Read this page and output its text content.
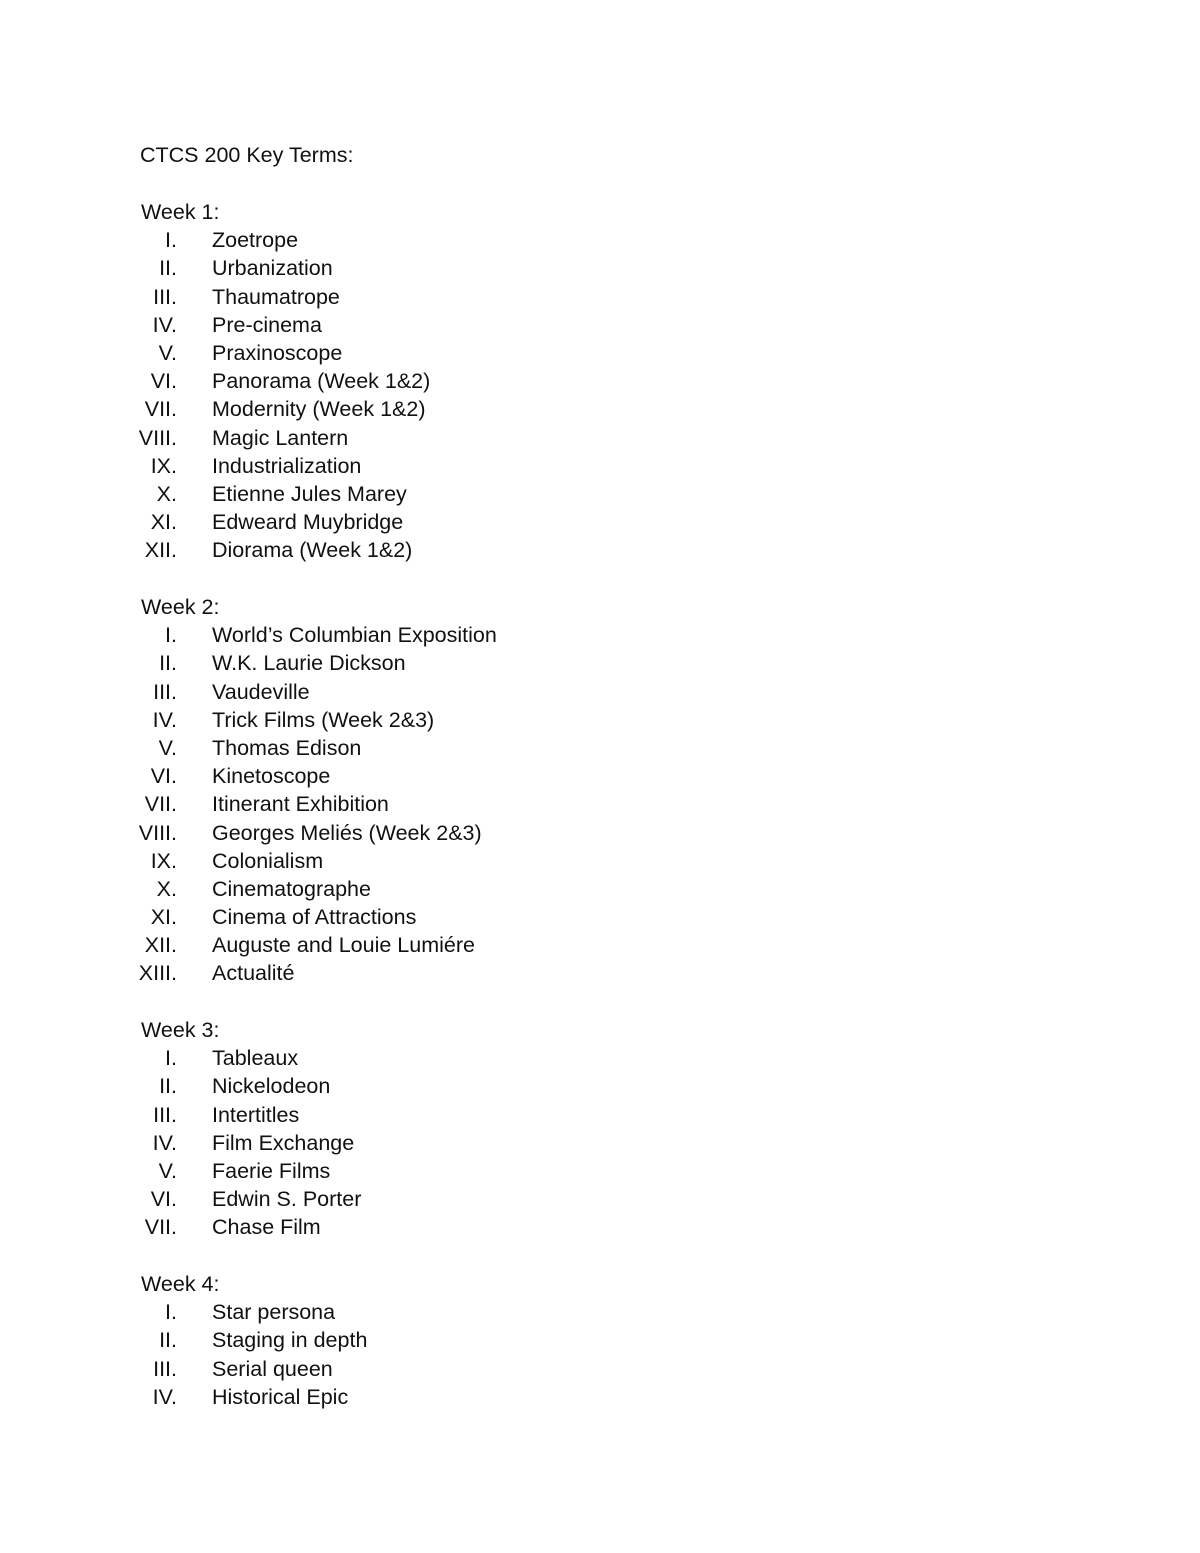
CTCS 200 Key Terms:
Week 1:
I. Zoetrope
II. Urbanization
III. Thaumatrope
IV. Pre-cinema
V. Praxinoscope
VI. Panorama (Week 1&2)
VII. Modernity (Week 1&2)
VIII. Magic Lantern
IX. Industrialization
X. Etienne Jules Marey
XI. Edweard Muybridge
XII. Diorama (Week 1&2)
Week 2:
I. World’s Columbian Exposition
II. W.K. Laurie Dickson
III. Vaudeville
IV. Trick Films (Week 2&3)
V. Thomas Edison
VI. Kinetoscope
VII. Itinerant Exhibition
VIII. Georges Meliés (Week 2&3)
IX. Colonialism
X. Cinematographe
XI. Cinema of Attractions
XII. Auguste and Louie Lumiére
XIII. Actualité
Week 3:
I. Tableaux
II. Nickelodeon
III. Intertitles
IV. Film Exchange
V. Faerie Films
VI. Edwin S. Porter
VII. Chase Film
Week 4:
I. Star persona
II. Staging in depth
III. Serial queen
IV. Historical Epic
